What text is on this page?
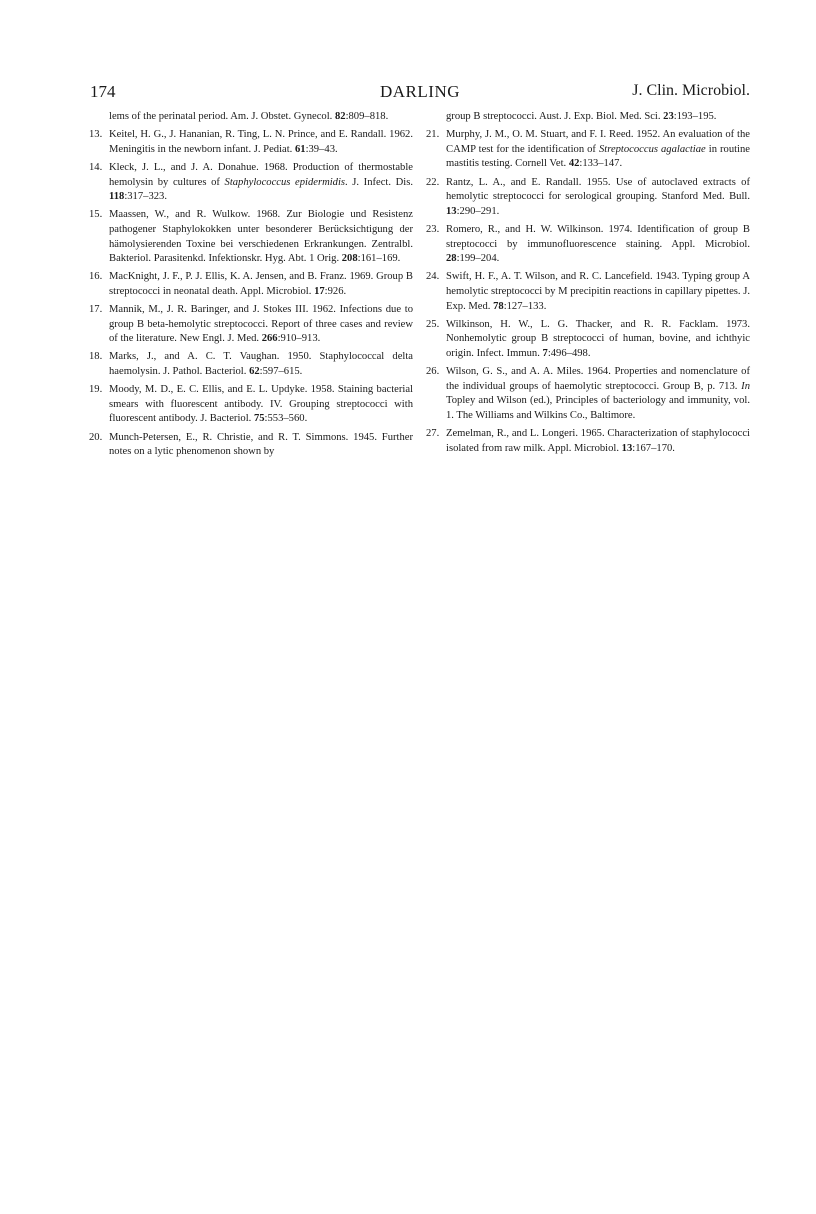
174	DARLING	J. Clin. Microbiol.

lems of the perinatal period. Am. J. Obstet. Gynecol. 82:809–818.

13. Keitel, H. G., J. Hananian, R. Ting, L. N. Prince, and E. Randall. 1962. Meningitis in the newborn infant. J. Pediat. 61:39–43.

14. Kleck, J. L., and J. A. Donahue. 1968. Production of thermostable hemolysin by cultures of Staphylococcus epidermidis. J. Infect. Dis. 118:317–323.

15. Maassen, W., and R. Wulkow. 1968. Zur Biologie und Resistenz pathogener Staphylokokken unter besonderer Berücksichtigung der hämolysierenden Toxine bei verschiedenen Erkrankungen. Zentralbl. Bakteriol. Parasitenkd. Infektionskr. Hyg. Abt. 1 Orig. 208:161–169.

16. MacKnight, J. F., P. J. Ellis, K. A. Jensen, and B. Franz. 1969. Group B streptococci in neonatal death. Appl. Microbiol. 17:926.

17. Mannik, M., J. R. Baringer, and J. Stokes III. 1962. Infections due to group B beta-hemolytic streptococci. Report of three cases and review of the literature. New Engl. J. Med. 266:910–913.

18. Marks, J., and A. C. T. Vaughan. 1950. Staphylococcal delta haemolysin. J. Pathol. Bacteriol. 62:597–615.

19. Moody, M. D., E. C. Ellis, and E. L. Updyke. 1958. Staining bacterial smears with fluorescent antibody. IV. Grouping streptococci with fluorescent antibody. J. Bacteriol. 75:553–560.

20. Munch-Petersen, E., R. Christie, and R. T. Simmons. 1945. Further notes on a lytic phenomenon shown by

group B streptococci. Aust. J. Exp. Biol. Med. Sci. 23:193–195.

21. Murphy, J. M., O. M. Stuart, and F. I. Reed. 1952. An evaluation of the CAMP test for the identification of Streptococcus agalactiae in routine mastitis testing. Cornell Vet. 42:133–147.

22. Rantz, L. A., and E. Randall. 1955. Use of autoclaved extracts of hemolytic streptococci for serological grouping. Stanford Med. Bull. 13:290–291.

23. Romero, R., and H. W. Wilkinson. 1974. Identification of group B streptococci by immunofluorescence staining. Appl. Microbiol. 28:199–204.

24. Swift, H. F., A. T. Wilson, and R. C. Lancefield. 1943. Typing group A hemolytic streptococci by M precipitin reactions in capillary pipettes. J. Exp. Med. 78:127–133.

25. Wilkinson, H. W., L. G. Thacker, and R. R. Facklam. 1973. Nonhemolytic group B streptococci of human, bovine, and ichthyic origin. Infect. Immun. 7:496–498.

26. Wilson, G. S., and A. A. Miles. 1964. Properties and nomenclature of the individual groups of haemolytic streptococci. Group B, p. 713. In Topley and Wilson (ed.), Principles of bacteriology and immunity, vol. 1. The Williams and Wilkins Co., Baltimore.

27. Zemelman, R., and L. Longeri. 1965. Characterization of staphylococci isolated from raw milk. Appl. Microbiol. 13:167–170.
